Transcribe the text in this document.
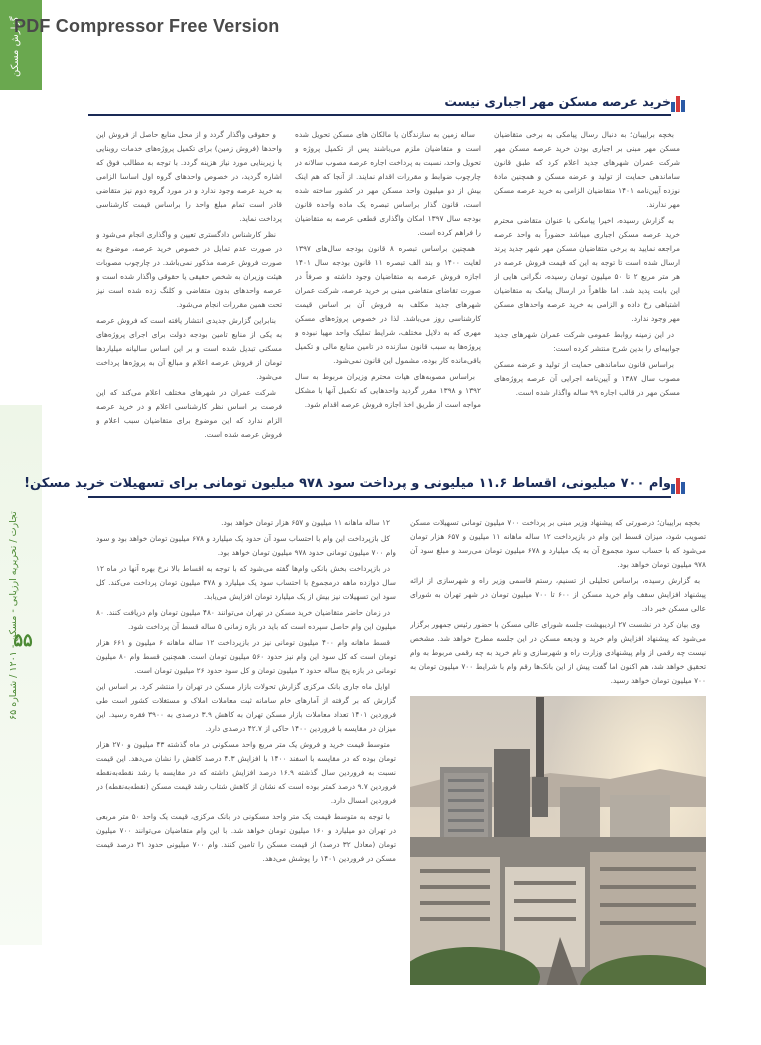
گزارش مسکن
PDF Compressor Free Version
تجارت / تحریریه ارزیابی - مسکن - ۱۲۰۱ / شماره ۶۵
۵۵
خرید عرصه مسکن مهر اجباری نیست

بخچه براییبان؛ به دنبال رسال پیامکی به برخی متقاضیان مسکن مهر مبنی بر اجباری بودن خرید عرصه مسکن مهر شرکت عمران شهرهای جدید اعلام کرد که طبق قانون ساماندهی حمایت از تولید و عرضه مسکن و همچنین مادهٔ نوزده آیین‌نامه ۱۴۰۱ متقاضیان الزامی به خرید عرصه مسکن مهر ندارند.

به گزارش رسیده، اخیرا پیامکی با عنوان متقاضی محترم خرید عرصه مسکن اجباری میباشد حضوراً به واحد عرصه مراجعه نمایید به برخی متقاضیان مسکن مهر شهر جدید پرند ارسال شده است تا توجه به این که قیمت فروش عرصه در هر متر مربع ۲ تا ۵۰ میلیون تومان رسیده، نگرانی هایی از این بابت پدید شد. اما ظاهراً در ارسال پیامک به متقاضیان اشتباهی رخ داده و الزامی به خرید عرصه واحدهای مسکن مهر وجود ندارد.

در این زمینه روابط عمومی شرکت عمران شهرهای جدید جوابیه‌ای را بدین شرح منتشر کرده است:

براساس قانون ساماندهی حمایت از تولید و عرضه مسکن مصوب سال ۱۳۸۷ و آیین‌نامه اجرایی آن عرصه پروژه‌های مسکن مهر در قالب اجاره ۹۹ ساله واگذار شده است.

ساله زمین به سازندگان یا مالکان های مسکن تحویل شده است و متقاضیان ملزم می‌باشند پس از تکمیل پروژه و تحویل واحد، نسبت به پرداخت اجاره عرصه مصوب سالانه در چارچوب ضوابط و مقررات اقدام نمایند. از آنجا که هم اینک بیش از دو میلیون واحد مسکن مهر در کشور ساخته شده است، قانون گذار براساس تبصره یک ماده واحده قانون بودجه سال ۱۳۹۷ امکان واگذاری قطعی عرصه به متقاضیان را فراهم کرده است.

همچنین براساس تبصره ۸ قانون بودجه سال‌های ۱۳۹۷ لغایت ۱۴۰۰ و بند الف تبصره ۱۱ قانون بودجه سال ۱۴۰۱ اجازه فروش عرصه به متقاضیان وجود داشته و صرفاً در صورت تقاضای متقاضی مبنی بر خرید عرصه، شرکت عمران شهرهای جدید مکلف به فروش آن بر اساس قیمت کارشناسی روز می‌باشد. لذا در خصوص پروژه‌های مسکن مهری که به دلایل مختلف، شرایط تملیک واحد مهیا نبوده و پروژه‌ها به سبب قانون سازنده در تامین منابع مالی و تکمیل باقی‌مانده کار بوده، مشمول این قانون نمی‌شود.

براساس مصوبه‌های هیات محترم وزیران مربوط به سال ۱۳۹۲ و ۱۳۹۸ مقرر گردید واحدهایی که تکمیل آنها با مشکل مواجه است از طریق اخذ اجازه فروش عرصه اقدام شود.

و حقوقی واگذار گردد و از محل منابع حاصل از فروش این واحدها (فروش زمین) برای تکمیل پروژه‌های خدمات روبنایی یا زیربنایی مورد نیاز هزینه گردد. با توجه به مطالب فوق که اشاره گردید، در خصوص واحدهای گروه اول اساسا الزامی به خرید عرصه وجود ندارد و در مورد گروه دوم نیز متقاضی قادر است تمام مبلغ واحد را براساس قیمت کارشناسی پرداخت نماید.

نظر کارشناس دادگستری تعیین و واگذاری انجام می‌شود و در صورت عدم تمایل در خصوص خرید عرصه، موضوع به صورت فروش عرصه مذکور نمی‌باشد. در چارچوب مصوبات هیئت وزیران به شخص حقیقی یا حقوقی واگذار شده است و عرصه واحدهای بدون متقاضی و کلنگ زده شده است نیز تحت همین مقررات انجام می‌شود.

بنابراین گزارش جدیدی انتشار یافته است که فروش عرصه به یکی از منابع تامین بودجه دولت برای اجرای پروژه‌های مسکنی تبدیل شده است و بر این اساس سالیانه میلیاردها تومان از فروش عرصه اعلام و مبالغ آن به پروژه‌ها پرداخت می‌شود.

شرکت عمران در شهرهای مختلف اعلام می‌کند که این فرصت بر اساس نظر کارشناسی اعلام و در خرید عرصه الزام ندارد که این موضوع برای متقاضیان سبب اعلام و فروش عرصه شده است.

وام ۷۰۰ میلیونی، اقساط ۱۱.۶ میلیونی و پرداخت سود ۹۷۸ میلیون تومانی برای تسهیلات خرید مسکن!

بخچه براییبان؛ درصورتی که پیشنهاد وزیر مبنی بر پرداخت ۷۰۰ میلیون تومانی تسهیلات مسکن تصویب شود، میزان قسط این وام در بازپرداخت ۱۲ ساله ماهانه ۱۱ میلیون و ۶۵۷ هزار تومان می‌شود که با حساب سود مجموع آن به یک میلیارد و ۶۷۸ میلیون تومان می‌رسد و مبلغ سود آن ۹۷۸ میلیون تومان خواهد بود.

به گزارش رسیده، براساس تحلیلی از تسنیم، رستم قاسمی وزیر راه و شهرسازی از ارائه پیشنهاد افزایش سقف وام خرید مسکن از ۶۰۰ تا ۷۰۰ میلیون تومان در شهر تهران به شورای عالی مسکن خبر داد.

وی بیان کرد در نشست ۲۷ اردیبهشت جلسه شورای عالی مسکن با حضور رئیس جمهور برگزار می‌شود که پیشنهاد افزایش وام خرید و ودیعه مسکن در این جلسه مطرح خواهد شد. مشخص نیست چه رقمی از وام پیشنهادی وزارت راه و شهرسازی و نام خرید به چه رقمی مربوط به وام تحقیق خواهد شد، هم اکنون اما گفت پیش از این بانک‌ها رقم وام با شرایط ۷۰۰ میلیون تومان به ۷۰۰ میلیون تومان خواهد رسید.

۱۲ ساله ماهانه ۱۱ میلیون و ۶۵۷ هزار تومان خواهد بود.

کل بازپرداخت این وام با احتساب سود آن حدود یک میلیارد و ۶۷۸ میلیون تومان خواهد بود و سود وام ۷۰۰ میلیون تومانی حدود ۹۷۸ میلیون تومان خواهد بود.

در بازپرداخت بخش بانکی وام‌ها گفته می‌شود که با توجه به اقساط بالا نرخ بهره آنها در ماه ۱۲ سال دوازده ماهه درمجموع با احتساب سود یک میلیارد و ۳۷۸ میلیون تومان پرداخت می‌کند. کل سود این تسهیلات نیز بیش از یک میلیارد تومان افزایش می‌یابد.

در زمان حاضر متقاضیان خرید مسکن در تهران می‌توانند ۴۸۰ میلیون تومان وام دریافت کنند. ۸۰ میلیون این وام حاصل سپرده است که باید در بازه زمانی ۵ ساله قسط آن پرداخت شود.

قسط ماهانه وام ۴۰۰ میلیون تومانی نیز در بازپرداخت ۱۲ ساله ماهانه ۶ میلیون و ۶۶۱ هزار تومان است که کل سود این وام نیز حدود ۵۶۰ میلیون تومان است. همچنین قسط وام ۸۰ میلیون تومانی در بازه پنج ساله حدود ۲ میلیون تومان و کل سود حدود ۲۶ میلیون تومان است.

اوایل ماه جاری بانک مرکزی گزارش تحولات بازار مسکن در تهران را منتشر کرد. بر اساس این گزارش که بر گرفته از آمارهای خام سامانه ثبت معاملات املاک و مستغلات کشور است طی فروردین ۱۴۰۱ تعداد معاملات بازار مسکن تهران به کاهش ۳.۹ درصدی به ۳۹۰۰ فقره رسید. این میزان در مقایسه با فروردین ۱۴۰۰ حاکی از ۴۲.۷ درصدی دارد.

متوسط قیمت خرید و فروش یک متر مربع واحد مسکونی در ماه گذشته ۴۳ میلیون و ۲۷۰ هزار تومان بوده که در مقایسه با اسفند ۱۴۰۰ با افزایش ۴.۳ درصد کاهش را نشان می‌دهد. این قیمت نسبت به فروردین سال گذشته ۱۶.۹ درصد افزایش داشته که در مقایسه با رشد نقطه‌به‌نقطه فروردین ۹.۷ درصد کمتر بوده است که نشان از کاهش شتاب رشد قیمت مسکن (نقطه‌به‌نقطه) در فروردین امسال دارد.

با توجه به متوسط قیمت یک متر واحد مسکونی در بانک مرکزی، قیمت یک واحد ۵۰ متر مربعی در تهران دو میلیارد و ۱۶۰ میلیون تومان خواهد شد. با این وام متقاضیان می‌توانند ۷۰۰ میلیون تومان (معادل ۳۲ درصد) از قیمت مسکن را تامین کنند. وام ۷۰۰ میلیونی حدود ۳۱ درصد قیمت مسکن در فروردین ۱۴۰۱ را پوشش می‌دهد.
